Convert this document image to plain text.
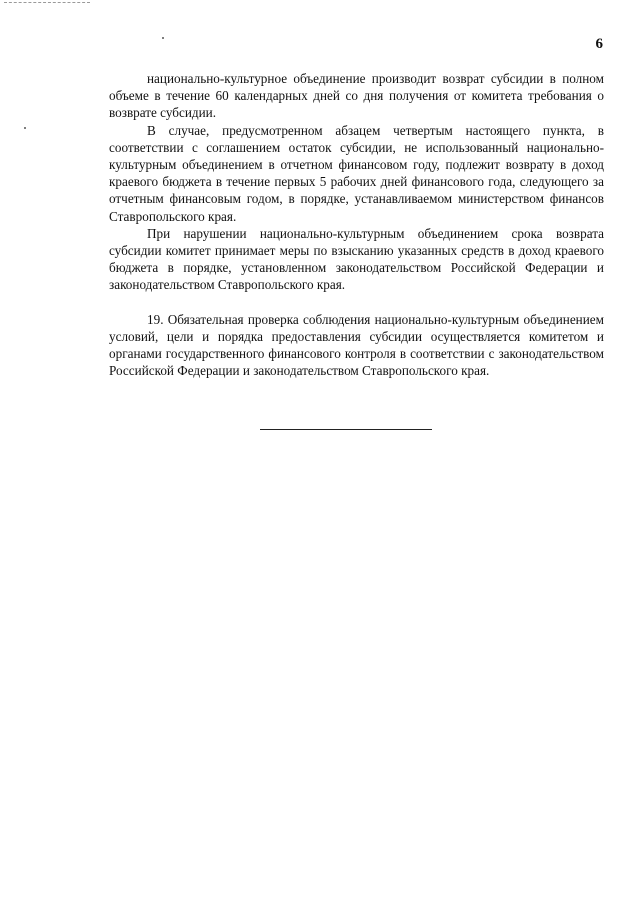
6

национально-культурное объединение производит возврат субсидии в полном объеме в течение 60 календарных дней со дня получения от комитета требования о возврате субсидии.

В случае, предусмотренном абзацем четвертым настоящего пункта, в соответствии с соглашением остаток субсидии, не использованный национально-культурным объединением в отчетном финансовом году, подлежит возврату в доход краевого бюджета в течение первых 5 рабочих дней финансового года, следующего за отчетным финансовым годом, в порядке, устанавливаемом министерством финансов Ставропольского края.

При нарушении национально-культурным объединением срока возврата субсидии комитет принимает меры по взысканию указанных средств в доход краевого бюджета в порядке, установленном законодательством Российской Федерации и законодательством Ставропольского края.

19. Обязательная проверка соблюдения национально-культурным объединением условий, цели и порядка предоставления субсидии осуществляется комитетом и органами государственного финансового контроля в соответствии с законодательством Российской Федерации и законодательством Ставропольского края.
